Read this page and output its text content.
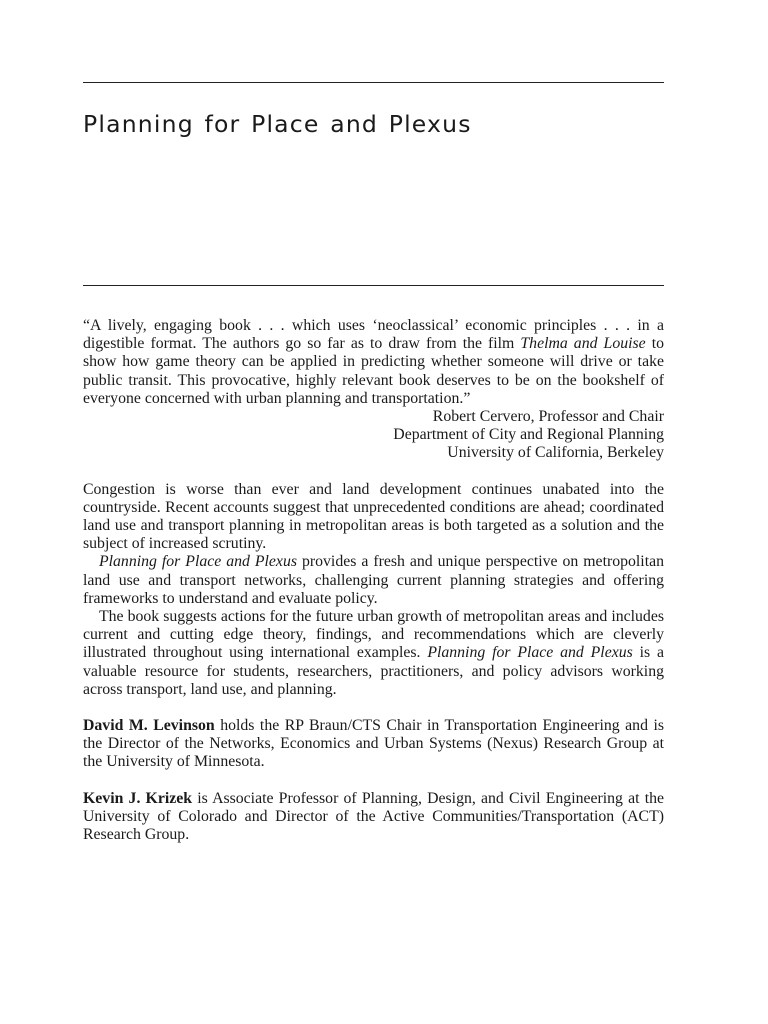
Planning for Place and Plexus

“A lively, engaging book . . . which uses ‘neoclassical’ economic principles . . . in a digestible format. The authors go so far as to draw from the film Thelma and Louise to show how game theory can be applied in predicting whether someone will drive or take public transit. This provocative, highly relevant book deserves to be on the bookshelf of everyone concerned with urban planning and transportation.”

Robert Cervero, Professor and Chair
Department of City and Regional Planning
University of California, Berkeley

Congestion is worse than ever and land development continues unabated into the countryside. Recent accounts suggest that unprecedented conditions are ahead; coordinated land use and transport planning in metropolitan areas is both targeted as a solution and the subject of increased scrutiny.

Planning for Place and Plexus provides a fresh and unique perspective on metropolitan land use and transport networks, challenging current planning strategies and offering frameworks to understand and evaluate policy.

The book suggests actions for the future urban growth of metropolitan areas and includes current and cutting edge theory, findings, and recommendations which are cleverly illustrated throughout using international examples. Planning for Place and Plexus is a valuable resource for students, researchers, practitioners, and policy advisors working across transport, land use, and planning.

David M. Levinson holds the RP Braun/CTS Chair in Transportation Engineering and is the Director of the Networks, Economics and Urban Systems (Nexus) Research Group at the University of Minnesota.

Kevin J. Krizek is Associate Professor of Planning, Design, and Civil Engineering at the University of Colorado and Director of the Active Communities/​Transportation (ACT) Research Group.
